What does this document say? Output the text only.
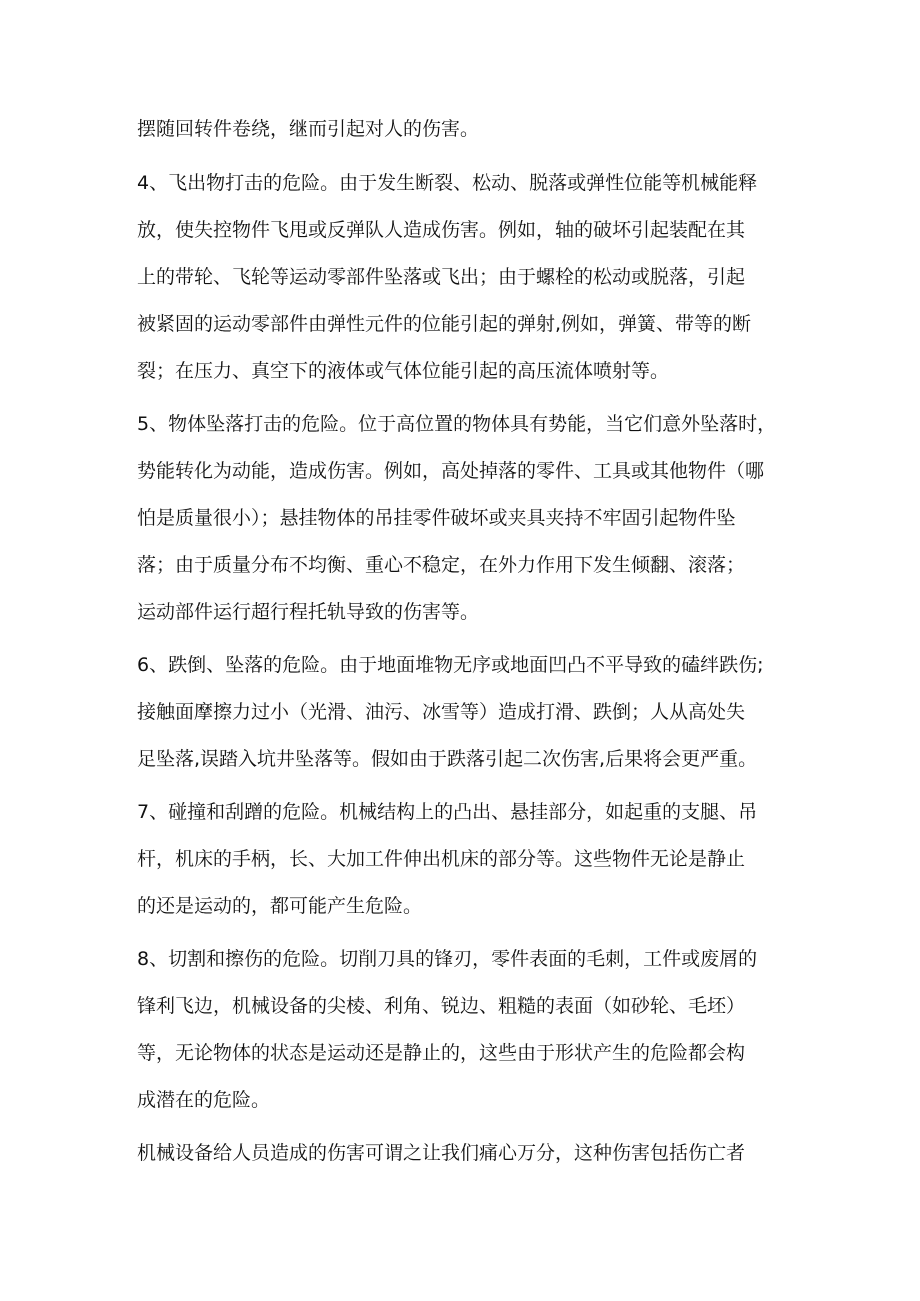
摆随回转件卷绕，继而引起对人的伤害。
4、飞出物打击的危险。由于发生断裂、松动、脱落或弹性位能等机械能释
放，使失控物件飞甩或反弹队人造成伤害。例如，轴的破坏引起装配在其
上的带轮、飞轮等运动零部件坠落或飞出；由于螺栓的松动或脱落，引起
被紧固的运动零部件由弹性元件的位能引起的弹射,例如，弹簧、带等的断
裂；在压力、真空下的液体或气体位能引起的高压流体喷射等。
5、物体坠落打击的危险。位于高位置的物体具有势能，当它们意外坠落时，
势能转化为动能，造成伤害。例如，高处掉落的零件、工具或其他物件（哪
怕是质量很小）；悬挂物体的吊挂零件破坏或夹具夹持不牢固引起物件坠
落；由于质量分布不均衡、重心不稳定，在外力作用下发生倾翻、滚落；
运动部件运行超行程托轨导致的伤害等。
6、跌倒、坠落的危险。由于地面堆物无序或地面凹凸不平导致的磕绊跌伤;
接触面摩擦力过小（光滑、油污、冰雪等）造成打滑、跌倒；人从高处失
足坠落,误踏入坑井坠落等。假如由于跌落引起二次伤害,后果将会更严重。
7、碰撞和刮蹭的危险。机械结构上的凸出、悬挂部分，如起重的支腿、吊
杆，机床的手柄，长、大加工件伸出机床的部分等。这些物件无论是静止
的还是运动的，都可能产生危险。
8、切割和擦伤的危险。切削刀具的锋刃，零件表面的毛刺，工件或废屑的
锋利飞边，机械设备的尖棱、利角、锐边、粗糙的表面（如砂轮、毛坯）
等，无论物体的状态是运动还是静止的，这些由于形状产生的危险都会构
成潜在的危险。
机械设备给人员造成的伤害可谓之让我们痛心万分，这种伤害包括伤亡者
